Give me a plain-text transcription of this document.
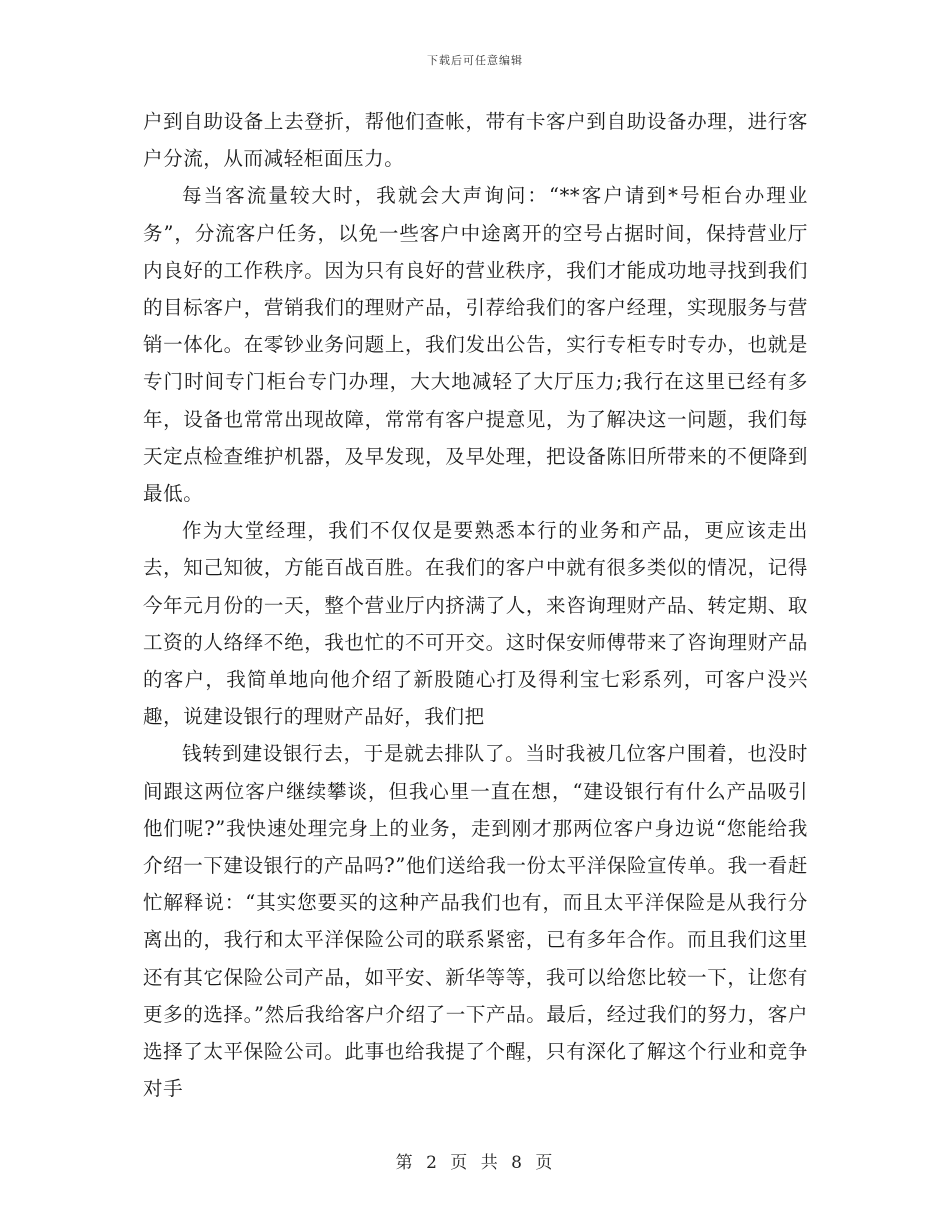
下载后可任意编辑

户到自助设备上去登折，帮他们查帐，带有卡客户到自助设备办理，进行客户分流，从而减轻柜面压力。

每当客流量较大时，我就会大声询问：“**客户请到*号柜台办理业务”，分流客户任务，以免一些客户中途离开的空号占据时间，保持营业厅内良好的工作秩序。因为只有良好的营业秩序，我们才能成功地寻找到我们的目标客户，营销我们的理财产品，引荐给我们的客户经理，实现服务与营销一体化。在零钞业务问题上，我们发出公告，实行专柜专时专办，也就是专门时间专门柜台专门办理，大大地减轻了大厅压力;我行在这里已经有多年，设备也常常出现故障，常常有客户提意见，为了解决这一问题，我们每天定点检查维护机器，及早发现，及早处理，把设备陈旧所带来的不便降到最低。

作为大堂经理，我们不仅仅是要熟悉本行的业务和产品，更应该走出去，知己知彼，方能百战百胜。在我们的客户中就有很多类似的情况，记得今年元月份的一天，整个营业厅内挤满了人，来咨询理财产品、转定期、取工资的人络绎不绝，我也忙的不可开交。这时保安师傅带来了咨询理财产品的客户，我简单地向他介绍了新股随心打及得利宝七彩系列，可客户没兴趣，说建设银行的理财产品好，我们把

钱转到建设银行去，于是就去排队了。当时我被几位客户围着，也没时间跟这两位客户继续攀谈，但我心里一直在想，“建设银行有什么产品吸引他们呢?”我快速处理完身上的业务，走到刚才那两位客户身边说“您能给我介绍一下建设银行的产品吗?”他们送给我一份太平洋保险宣传单。我一看赶忙解释说：“其实您要买的这种产品我们也有，而且太平洋保险是从我行分离出的，我行和太平洋保险公司的联系紧密，已有多年合作。而且我们这里还有其它保险公司产品，如平安、新华等等，我可以给您比较一下，让您有更多的选择。”然后我给客户介绍了一下产品。最后，经过我们的努力，客户选择了太平保险公司。此事也给我提了个醒，只有深化了解这个行业和竞争对手

第 2 页 共 8 页
